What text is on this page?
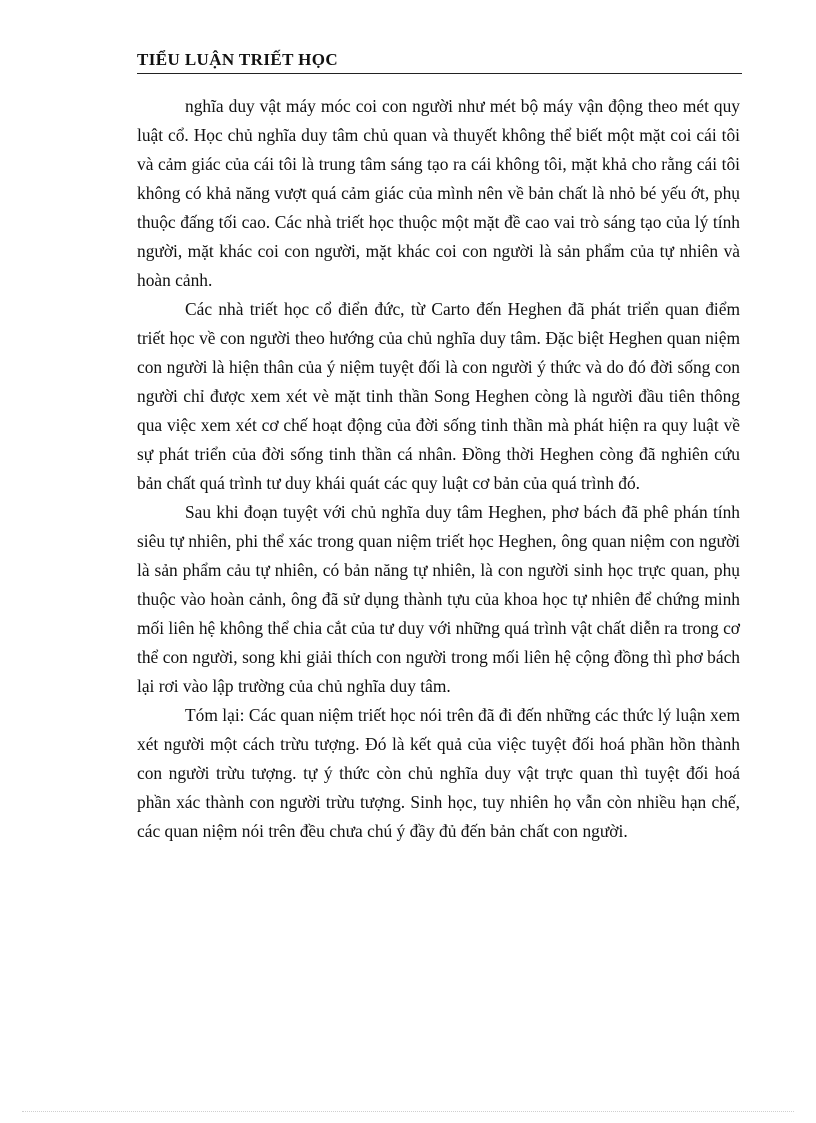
TIỂU LUẬN TRIẾT HỌC

nghĩa duy vật máy móc coi con người như mét bộ máy vận động theo mét quy luật cổ. Học chủ nghĩa duy tâm chủ quan và thuyết không thể biết một mặt coi cái tôi và cảm giác của cái tôi là trung tâm sáng tạo ra cái không tôi, mặt khả cho rằng cái tôi không có khả năng vượt quá cảm giác của mình nên về bản chất là nhỏ bé yếu ớt, phụ thuộc đấng tối cao. Các nhà triết học thuộc một mặt đề cao vai trò sáng tạo của lý tính người, mặt khác coi con người, mặt khác coi con người là sản phẩm của tự nhiên và hoàn cảnh.

Các nhà triết học cổ điển đức, từ Carto đến Heghen đã phát triển quan điểm triết học về con người theo hướng của chủ nghĩa duy tâm. Đặc biệt Heghen quan niệm con người là hiện thân của ý niệm tuyệt đối là con người ý thức và do đó đời sống con người chỉ được xem xét vè mặt tinh thần Song Heghen còng là người đầu tiên thông qua việc xem xét cơ chế hoạt động của đời sống tinh thần mà phát hiện ra quy luật về sự phát triển của đời sống tinh thần cá nhân. Đồng thời Heghen còng đã nghiên cứu bản chất quá trình tư duy khái quát các quy luật cơ bản của quá trình đó.

Sau khi đoạn tuyệt với chủ nghĩa duy tâm Heghen, phơ bách đã phê phán tính siêu tự nhiên, phi thể xác trong quan niệm triết học Heghen, ông quan niệm con người là sản phẩm cảu tự nhiên, có bản năng tự nhiên, là con người sinh học trực quan, phụ thuộc vào hoàn cảnh, ông đã sử dụng thành tựu của khoa học tự nhiên để chứng minh mối liên hệ không thể chia cắt của tư duy với những quá trình vật chất diễn ra trong cơ thể con người, song khi giải thích con người trong mối liên hệ cộng đồng thì phơ bách lại rơi vào lập trường của chủ nghĩa duy tâm.

Tóm lại: Các quan niệm triết học nói trên đã đi đến những các thức lý luận xem xét người một cách trừu tượng. Đó là kết quả của việc tuyệt đối hoá phần hồn thành con người trừu tượng. tự ý thức còn chủ nghĩa duy vật trực quan thì tuyệt đối hoá phần xác thành con người trừu tượng. Sinh học, tuy nhiên họ vẫn còn nhiều hạn chế, các quan niệm nói trên đều chưa chú ý đầy đủ đến bản chất con người.
